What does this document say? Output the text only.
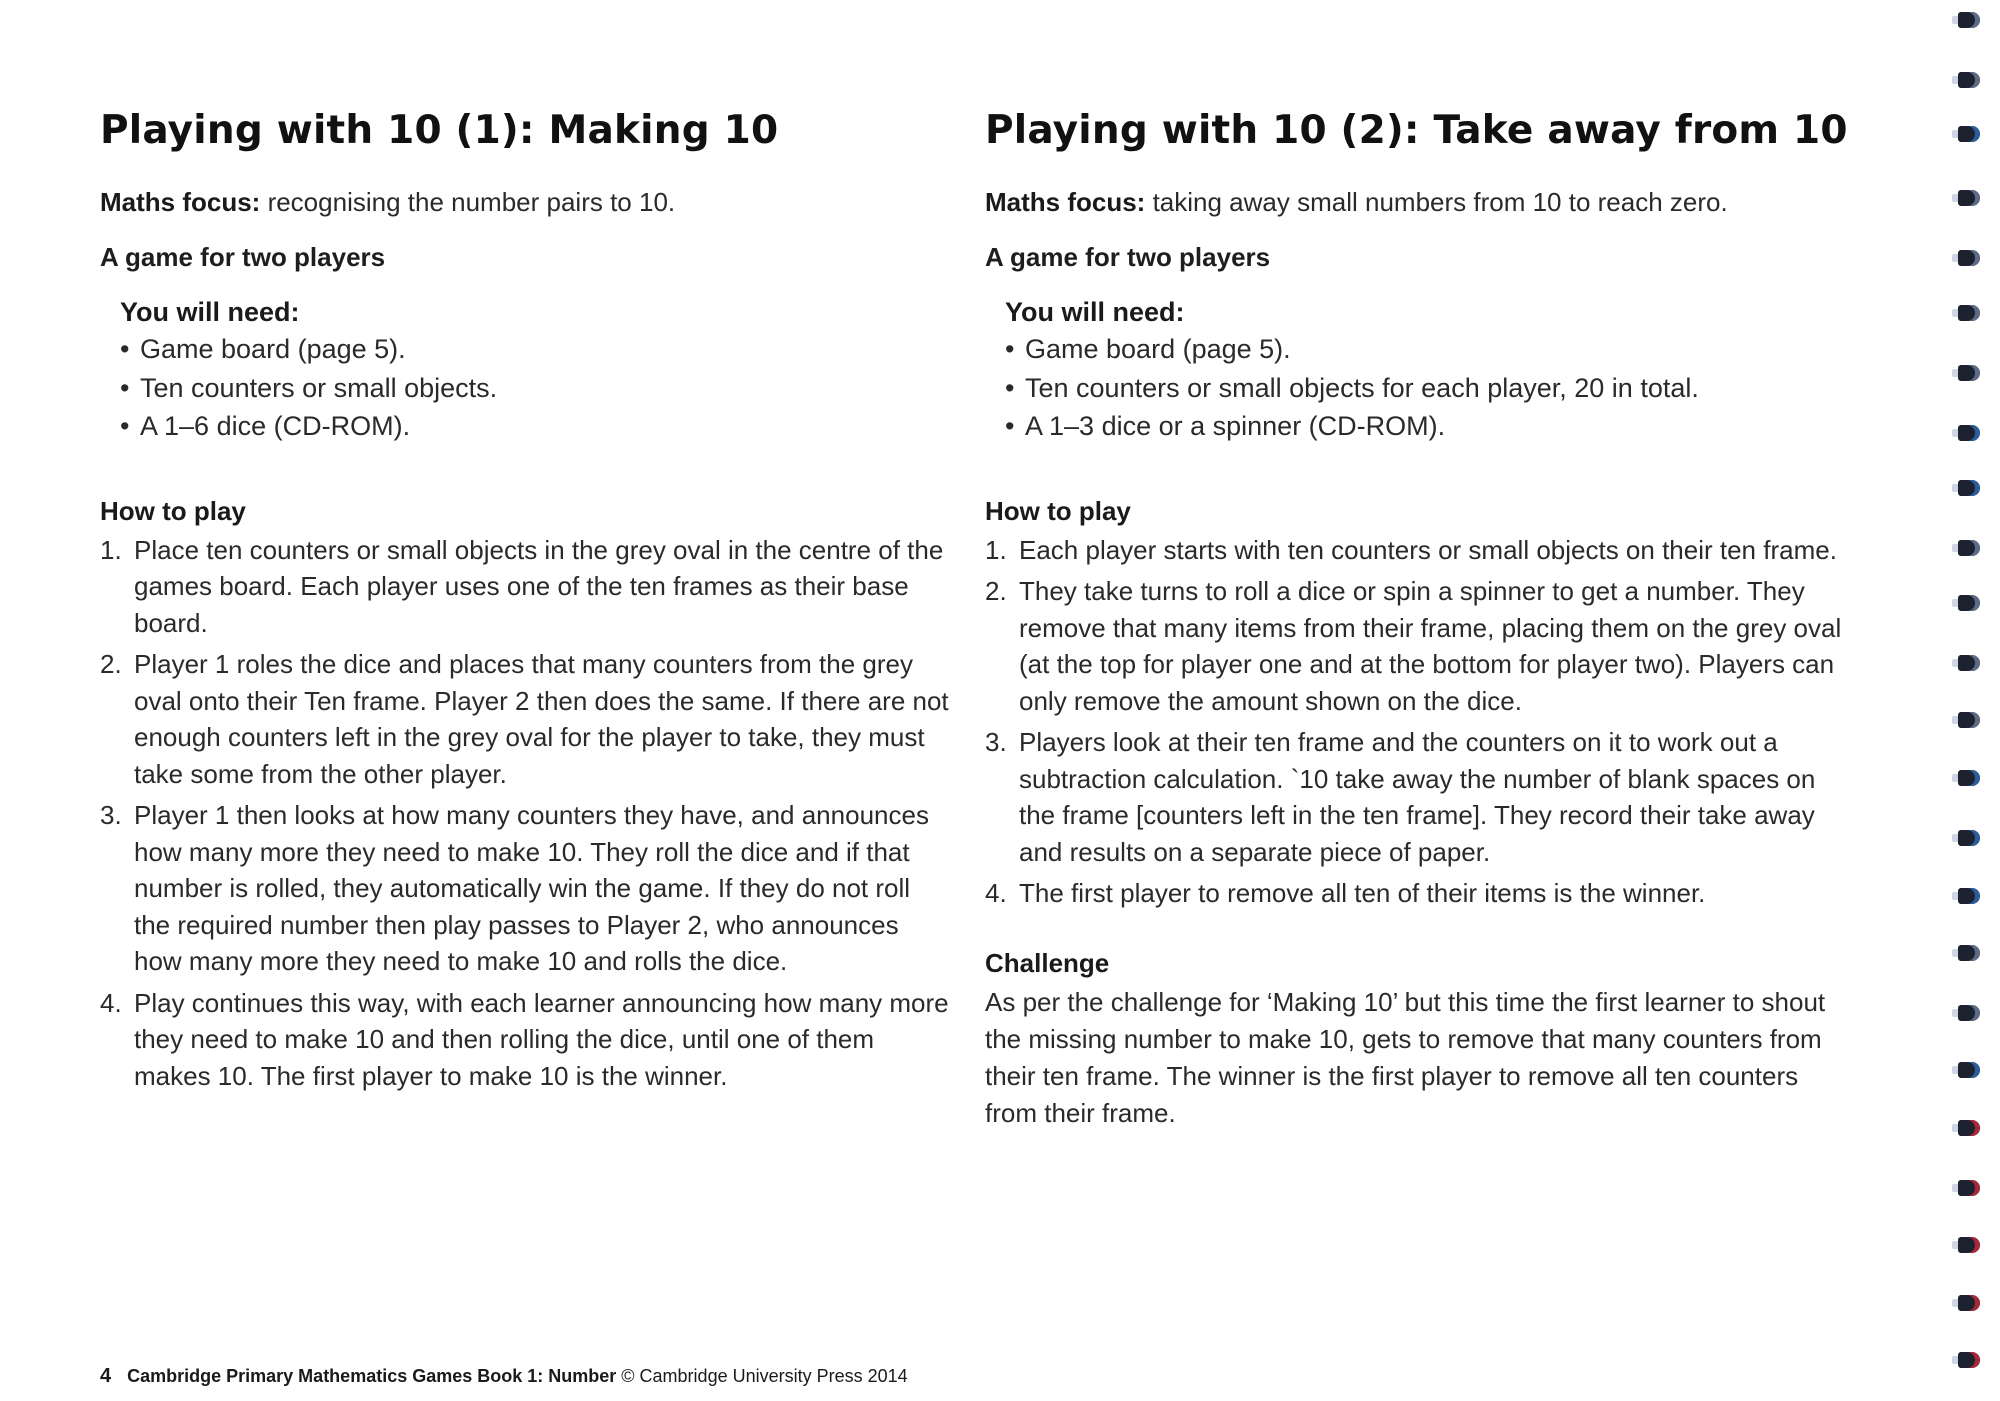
Playing with 10 (1): Making 10

Maths focus: recognising the number pairs to 10.

A game for two players

You will need:

• Game board (page 5).
• Ten counters or small objects.
• A 1–6 dice (CD-ROM).

How to play

1. Place ten counters or small objects in the grey oval in the centre of the games board. Each player uses one of the ten frames as their base board.
2. Player 1 roles the dice and places that many counters from the grey oval onto their Ten frame. Player 2 then does the same. If there are not enough counters left in the grey oval for the player to take, they must take some from the other player.
3. Player 1 then looks at how many counters they have, and announces how many more they need to make 10. They roll the dice and if that number is rolled, they automatically win the game. If they do not roll the required number then play passes to Player 2, who announces how many more they need to make 10 and rolls the dice.
4. Play continues this way, with each learner announcing how many more they need to make 10 and then rolling the dice, until one of them makes 10. The first player to make 10 is the winner.
Playing with 10 (2): Take away from 10

Maths focus: taking away small numbers from 10 to reach zero.

A game for two players

You will need:

• Game board (page 5).
• Ten counters or small objects for each player, 20 in total.
• A 1–3 dice or a spinner (CD-ROM).

How to play

1. Each player starts with ten counters or small objects on their ten frame.
2. They take turns to roll a dice or spin a spinner to get a number. They remove that many items from their frame, placing them on the grey oval (at the top for player one and at the bottom for player two). Players can only remove the amount shown on the dice.
3. Players look at their ten frame and the counters on it to work out a subtraction calculation. `10 take away the number of blank spaces on the frame [counters left in the ten frame]. They record their take away and results on a separate piece of paper.
4. The first player to remove all ten of their items is the winner.

Challenge

As per the challenge for ‘Making 10’ but this time the first learner to shout the missing number to make 10, gets to remove that many counters from their ten frame. The winner is the first player to remove all ten counters from their frame.

4 Cambridge Primary Mathematics Games Book 1: Number © Cambridge University Press 2014
